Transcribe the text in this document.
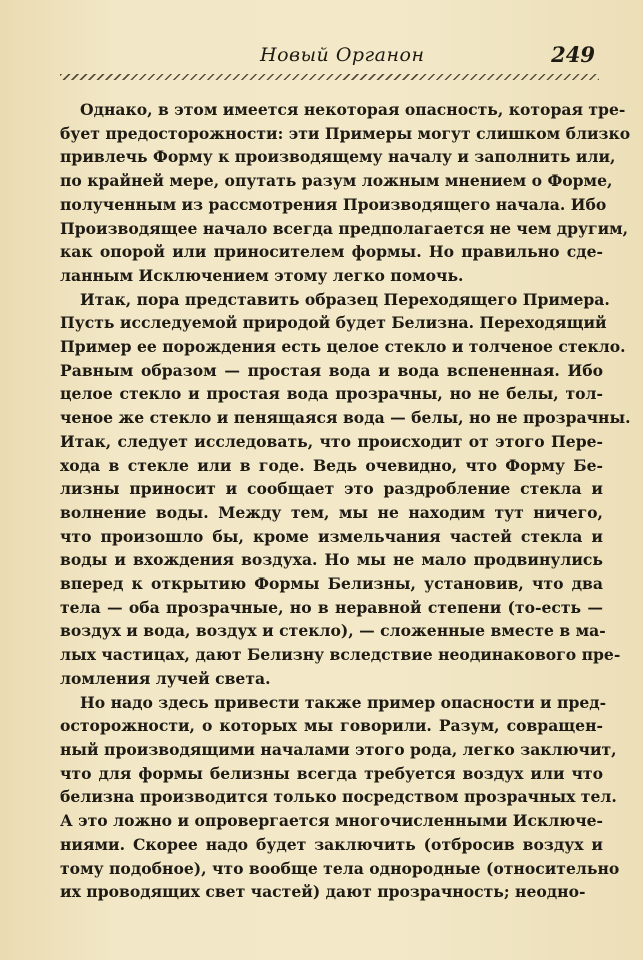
Новый Органон	249
Однако, в этом имеется некоторая опасность, которая тре-
бует предосторожности: эти Примеры могут слишком близко
привлечь Форму к производящему началу и заполнить или,
по крайней мере, опутать разум ложным мнением о Форме,
полученным из рассмотрения Производящего начала. Ибо
Производящее начало всегда предполагается не чем другим,
как опорой или приносителем формы. Но правильно сде-
ланным Исключением этому легко помочь.
Итак, пора представить образец Переходящего Примера.
Пусть исследуемой природой будет Белизна. Переходящий
Пример ее порождения есть целое стекло и толченое стекло.
Равным образом — простая вода и вода вспененная. Ибо
целое стекло и простая вода прозрачны, но не белы, тол-
ченое же стекло и пенящаяся вода — белы, но не прозрачны.
Итак, следует исследовать, что происходит от этого Пере-
хода в стекле или в годе. Ведь очевидно, что Форму Бе-
лизны приносит и сообщает это раздробление стекла и
волнение воды. Между тем, мы не находим тут ничего,
что произошло бы, кроме измельчания частей стекла и
воды и вхождения воздуха. Но мы не мало продвинулись
вперед к открытию Формы Белизны, установив, что два
тела — оба прозрачные, но в неравной степени (то-есть —
воздух и вода, воздух и стекло), — сложенные вместе в ма-
лых частицах, дают Белизну вследствие неодинакового пре-
ломления лучей света.
Но надо здесь привести также пример опасности и пред-
осторожности, о которых мы говорили. Разум, совращен-
ный производящими началами этого рода, легко заключит,
что для формы белизны всегда требуется воздух или что
белизна производится только посредством прозрачных тел.
А это ложно и опровергается многочисленными Исключе-
ниями. Скорее надо будет заключить (отбросив воздух и
тому подобное), что вообще тела однородные (относительно
их проводящих свет частей) дают прозрачность; неодно-
